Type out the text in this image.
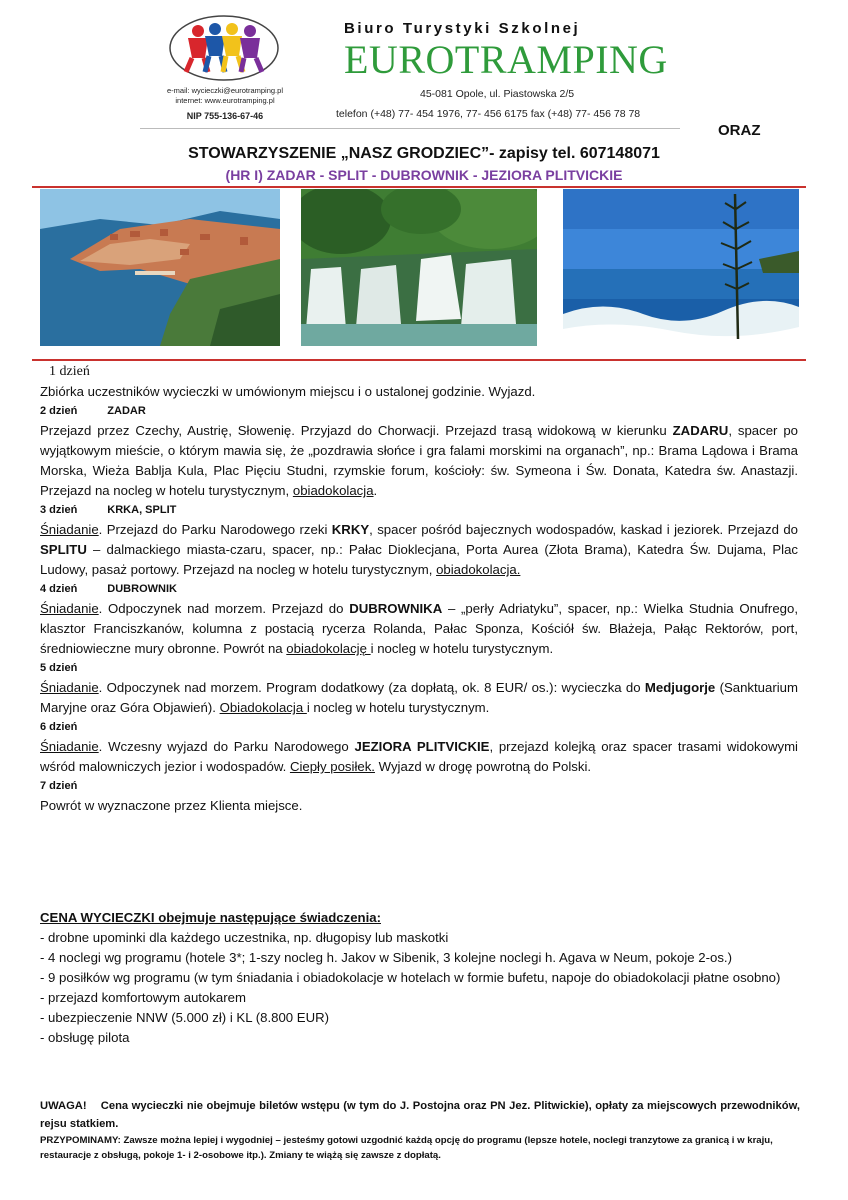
e-mail: wycieczki@eurotramping.pl
internet: www.eurotramping.pl
NIP 755-136-67-46
Biuro Turystyki Szkolnej
EUROTRAMPING
45-081 Opole, ul. Piastowska 2/5
telefon (+48) 77- 454 1976, 77- 456 6175 fax (+48) 77- 456 78 78
ORAZ
STOWARZYSZENIE „NASZ GRODZIEC”- zapisy tel. 607148071
(HR I) ZADAR - SPLIT - DUBROWNIK - JEZIORA PLITVICKIE

1 dzień

Zbiórka uczestników wycieczki w umówionym miejscu i o ustalonej godzinie. Wyjazd.

2 dzień	ZADAR

Przejazd przez Czechy, Austrię, Słowenię. Przyjazd do Chorwacji. Przejazd trasą widokową w kierunku ZADARU, spacer po wyjątkowym mieście, o którym mawia się, że „pozdrawia słońce i gra falami morskimi na organach”, np.: Brama Lądowa i Brama Morska, Wieża Bablja Kula, Plac Pięciu Studni, rzymskie forum, kościoły: św. Symeona i Św. Donata, Katedra św. Anastazji. Przejazd na nocleg w hotelu turystycznym, obiadokolacja.

3 dzień	KRKA, SPLIT

Śniadanie. Przejazd do Parku Narodowego rzeki KRKY, spacer pośród bajecznych wodospadów, kaskad i jeziorek. Przejazd do SPLITU – dalmackiego miasta-czaru, spacer, np.: Pałac Dioklecjana, Porta Aurea (Złota Brama), Katedra Św. Dujama, Plac Ludowy, pasaż portowy. Przejazd na nocleg w hotelu turystycznym, obiadokolacja.

4 dzień	DUBROWNIK

Śniadanie. Odpoczynek nad morzem. Przejazd do DUBROWNIKA – „perły Adriatyku”, spacer, np.: Wielka Studnia Onufrego, klasztor Franciszkanów, kolumna z postacią rycerza Rolanda, Pałac Sponza, Kościół św. Błażeja, Pałąc Rektorów, port, średniowieczne mury obronne. Powrót na obiadokolację i nocleg w hotelu turystycznym.

5 dzień

Śniadanie. Odpoczynek nad morzem. Program dodatkowy (za dopłatą, ok. 8 EUR/ os.): wycieczka do Medjugorje (Sanktuarium Maryjne oraz Góra Objawień). Obiadokolacja i nocleg w hotelu turystycznym.

6 dzień

Śniadanie. Wczesny wyjazd do Parku Narodowego JEZIORA PLITVICKIE, przejazd kolejką oraz spacer trasami widokowymi wśród malowniczych jezior i wodospadów. Ciepły posiłek. Wyjazd w drogę powrotną do Polski.

7 dzień

Powrót w wyznaczone przez Klienta miejsce.

CENA WYCIECZKI obejmuje następujące świadczenia:

- drobne upominki dla każdego uczestnika, np. długopisy lub maskotki

- 4 noclegi wg programu (hotele 3*; 1-szy nocleg h. Jakov w Sibenik, 3 kolejne noclegi h. Agava w Neum, pokoje 2-os.)

- 9 posiłków wg programu (w tym śniadania i obiadokolacje w hotelach w formie bufetu, napoje do obiadokolacji płatne osobno)

- przejazd komfortowym autokarem

- ubezpieczenie NNW (5.000 zł) i KL (8.800 EUR)

- obsługę pilota

UWAGA! Cena wycieczki nie obejmuje biletów wstępu (w tym do J. Postojna oraz PN Jez. Plitwickie), opłaty za miejscowych przewodników, rejsu statkiem.
PRZYPOMINAMY: Zawsze można lepiej i wygodniej – jesteśmy gotowi uzgodnić każdą opcję do programu (lepsze hotele, noclegi tranzytowe za granicą i w kraju, restauracje z obsługą, pokoje 1- i 2-osobowe itp.). Zmiany te wiążą się zawsze z dopłatą.
